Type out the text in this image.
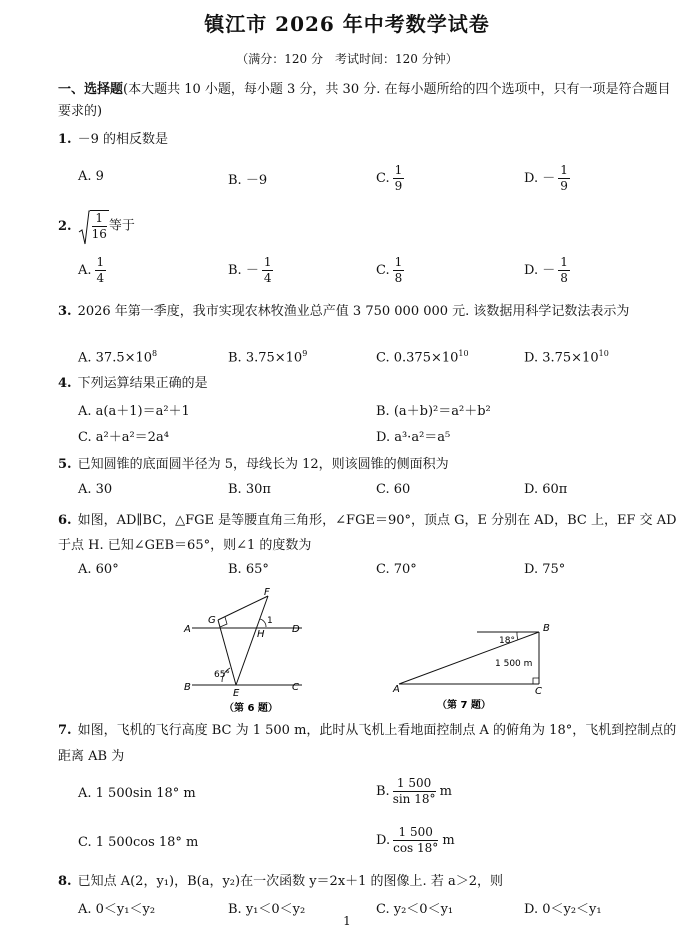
镇江市 2026 年中考数学试卷
（满分：120 分　考试时间：120 分钟）
一、选择题(本大题共 10 小题，每小题 3 分，共 30 分. 在每小题所给的四个选项中，只有一项是符合题目要求的)
1. －9 的相反数是
A. 9	B. －9	C. $\frac{1}{9}$	D. － $\frac{1}{9}$
2. $\frac{1}{16}$ 等于
A. $\frac{1}{4}$	B. － $\frac{1}{4}$	C. $\frac{1}{8}$	D. － $\frac{1}{8}$
3. 2026 年第一季度，我市实现农林牧渔业总产值 3 750 000 000 元. 该数据用科学记数法表示为
A. $37.5\times 10^8$	B. $3.75\times 10^9$	C. $0.375\times 10^{10}$	D. $3.75\times 10^{10}$
4. 下列运算结果正确的是
A. a(a＋1)＝a²＋1	B. (a＋b)²＝a²＋b²
C. a²＋a²＝2a⁴	D. a³·a²＝a⁵
5. 已知圆锥的底面圆半径为 5，母线长为 12，则该圆锥的侧面积为
A. 30	B. 30π	C. 60	D. 60π
6. 如图，AD∥BC，△FGE 是等腰直角三角形，∠FGE＝90°，顶点 G，E 分别在 AD，BC 上，EF 交 AD 于点 H. 已知∠GEB＝65°，则∠1 的度数为
A. 60°	B. 65°	C. 70°	D. 75°
A	D
B	C
E
F
G
H
1
65°
（第 6 题）
B
A	C
18°
1 500 m
（第 7 题）
7. 如图，飞机的飞行高度 BC 为 1 500 m，此时从飞机上看地面控制点 A 的俯角为 18°，飞机到控制点的距离 AB 为
A. 1 500sin 18° m	B. $\frac{1 500}{\sin 18^\circ}$ m
C. 1 500cos 18° m	D. $\frac{1 500}{\cos 18^\circ}$ m
8. 已知点 A(2，y₁)，B(a，y₂)在一次函数 y＝2x＋1 的图像上. 若 a＞2，则
A. 0＜y₁＜y₂	B. y₁＜0＜y₂	C. y₂＜0＜y₁	D. 0＜y₂＜y₁
1
